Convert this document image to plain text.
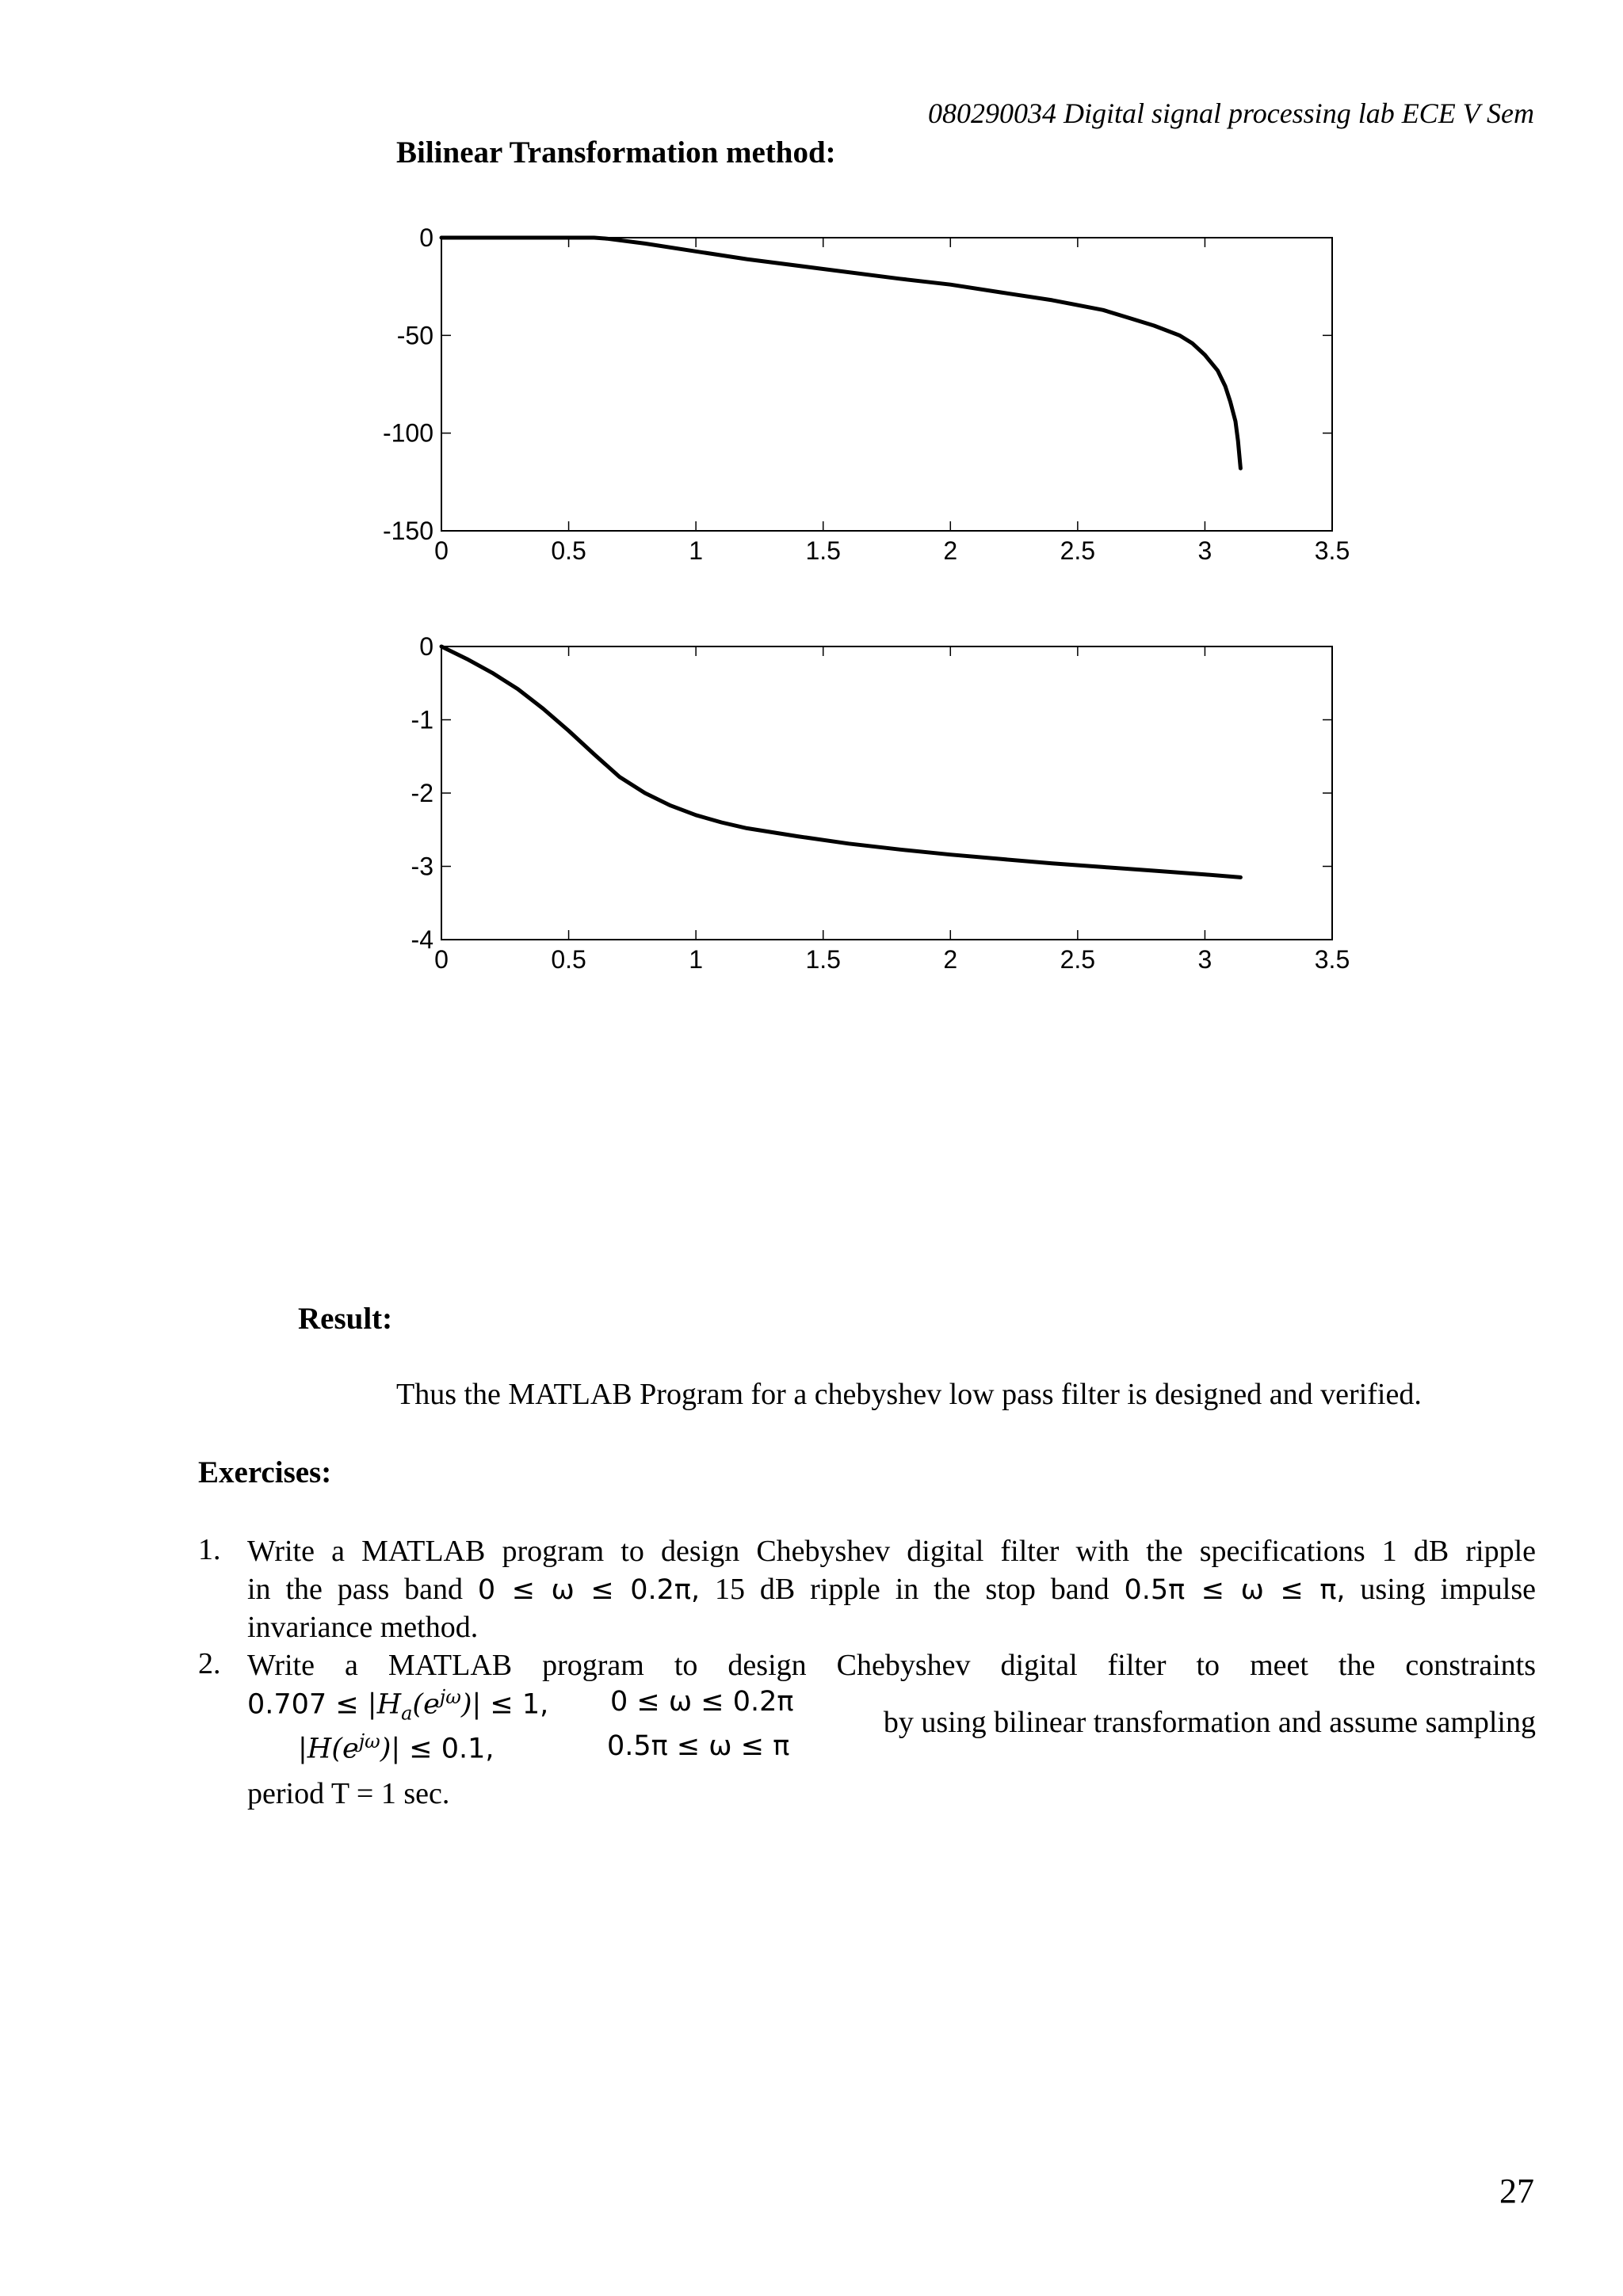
080290034 Digital signal processing lab ECE V Sem
Bilinear Transformation method:
0	0.5	1	1.5	2	2.5	3	3.5
0
-50
-100
-150
0	0.5	1	1.5	2	2.5	3	3.5
0
-1
-2
-3
-4
Result:
Thus the MATLAB Program for a chebyshev low pass filter is designed and verified.
Exercises:
1. Write a MATLAB program to design Chebyshev digital filter with the specifications 1 dB ripple
in the pass band 0 ≤ ω ≤ 0.2π, 15 dB ripple in the stop band 0.5π ≤ ω ≤ π, using impulse
invariance method.
2. Write a MATLAB program to design Chebyshev digital filter to meet the constraints
$0.707 \le |H_a(e^{j\omega})| \le 1$, 0 ≤ ω ≤ 0.2π
by using bilinear transformation and assume sampling
$|H(e^{j\omega})| \le 0.1$,	0.5π ≤ ω ≤ π
period T = 1 sec.
27
